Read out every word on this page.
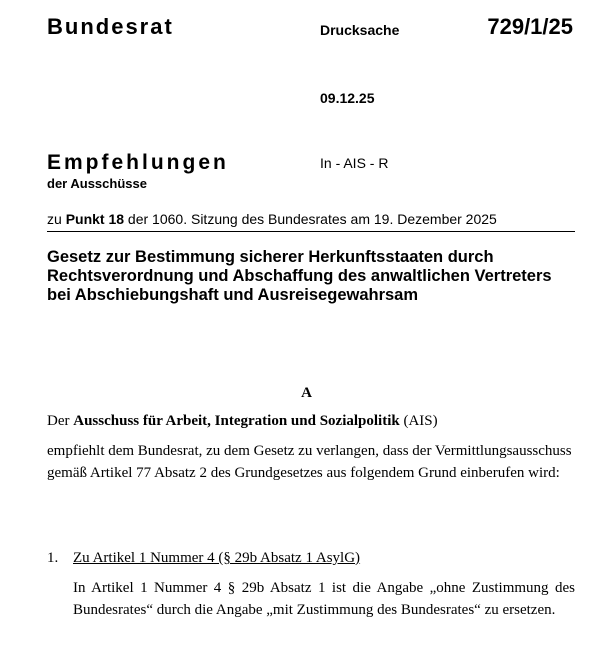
Bundesrat	Drucksache	729/1/25
09.12.25
Empfehlungen
der Ausschüsse
In - AIS - R
zu Punkt 18 der 1060. Sitzung des Bundesrates am 19. Dezember 2025
Gesetz zur Bestimmung sicherer Herkunftsstaaten durch Rechtsverordnung und Abschaffung des anwaltlichen Vertreters bei Abschiebungshaft und Ausreisegewahrsam
A
Der Ausschuss für Arbeit, Integration und Sozialpolitik (AIS)
empfiehlt dem Bundesrat, zu dem Gesetz zu verlangen, dass der Vermittlungsausschuss gemäß Artikel 77 Absatz 2 des Grundgesetzes aus folgendem Grund einberufen wird:
1. Zu Artikel 1 Nummer 4 (§ 29b Absatz 1 AsylG)
In Artikel 1 Nummer 4 § 29b Absatz 1 ist die Angabe „ohne Zustimmung des Bundesrates“ durch die Angabe „mit Zustimmung des Bundesrates“ zu ersetzen.
